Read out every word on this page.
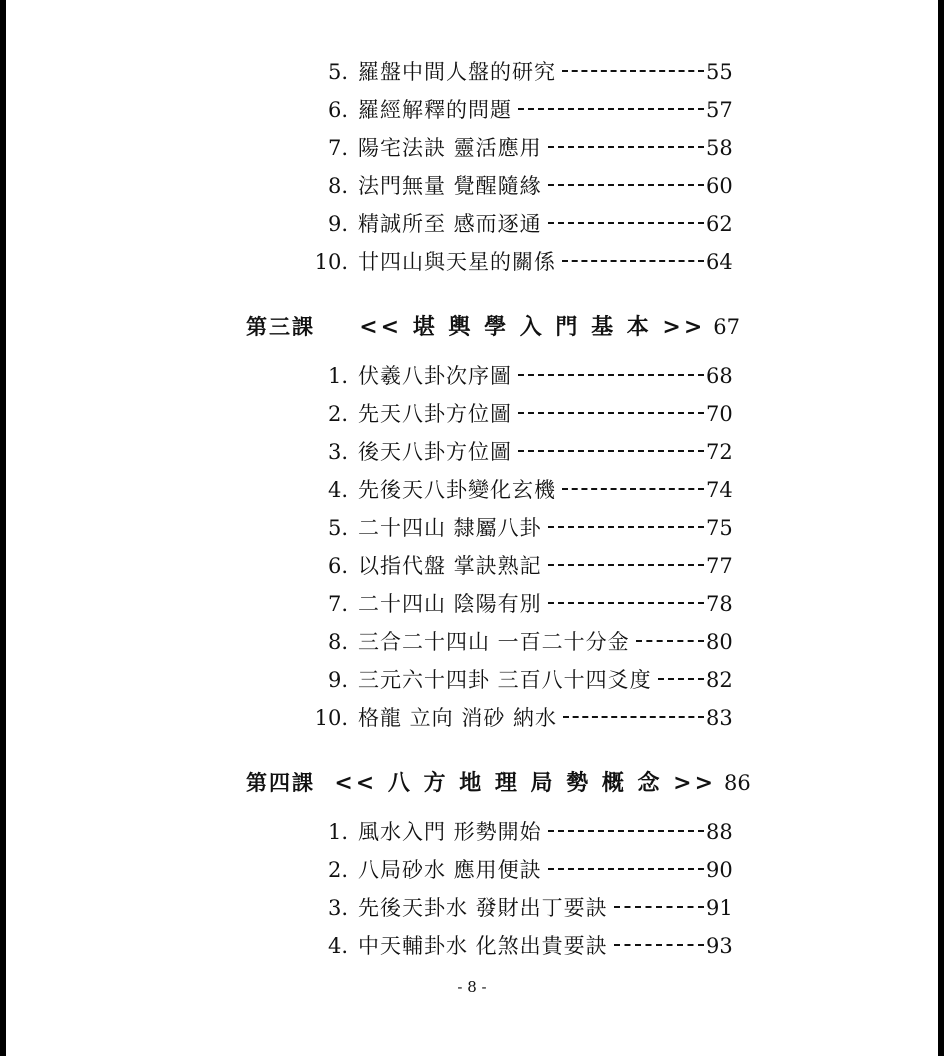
5. 羅盤中間人盤的研究	55
6. 羅經解釋的問題	57
7. 陽宅法訣 靈活應用	58
8. 法門無量 覺醒隨緣	60
9. 精誠所至 感而逐通	62
10. 廿四山與天星的關係	64
第三課	<< 堪 輿 學 入 門 基 本 >> 67
1. 伏羲八卦次序圖	68
2. 先天八卦方位圖	70
3. 後天八卦方位圖	72
4. 先後天八卦變化玄機	74
5. 二十四山 隸屬八卦	75
6. 以指代盤 掌訣熟記	77
7. 二十四山 陰陽有別	78
8. 三合二十四山 一百二十分金	80
9. 三元六十四卦 三百八十四爻度	82
10. 格龍 立向 消砂 納水	83
第四課 << 八 方 地 理 局 勢 概 念 >> 86
1. 風水入門 形勢開始	88
2. 八局砂水 應用便訣	90
3. 先後天卦水 發財出丁要訣	91
4. 中天輔卦水 化煞出貴要訣	93
- 8 -
